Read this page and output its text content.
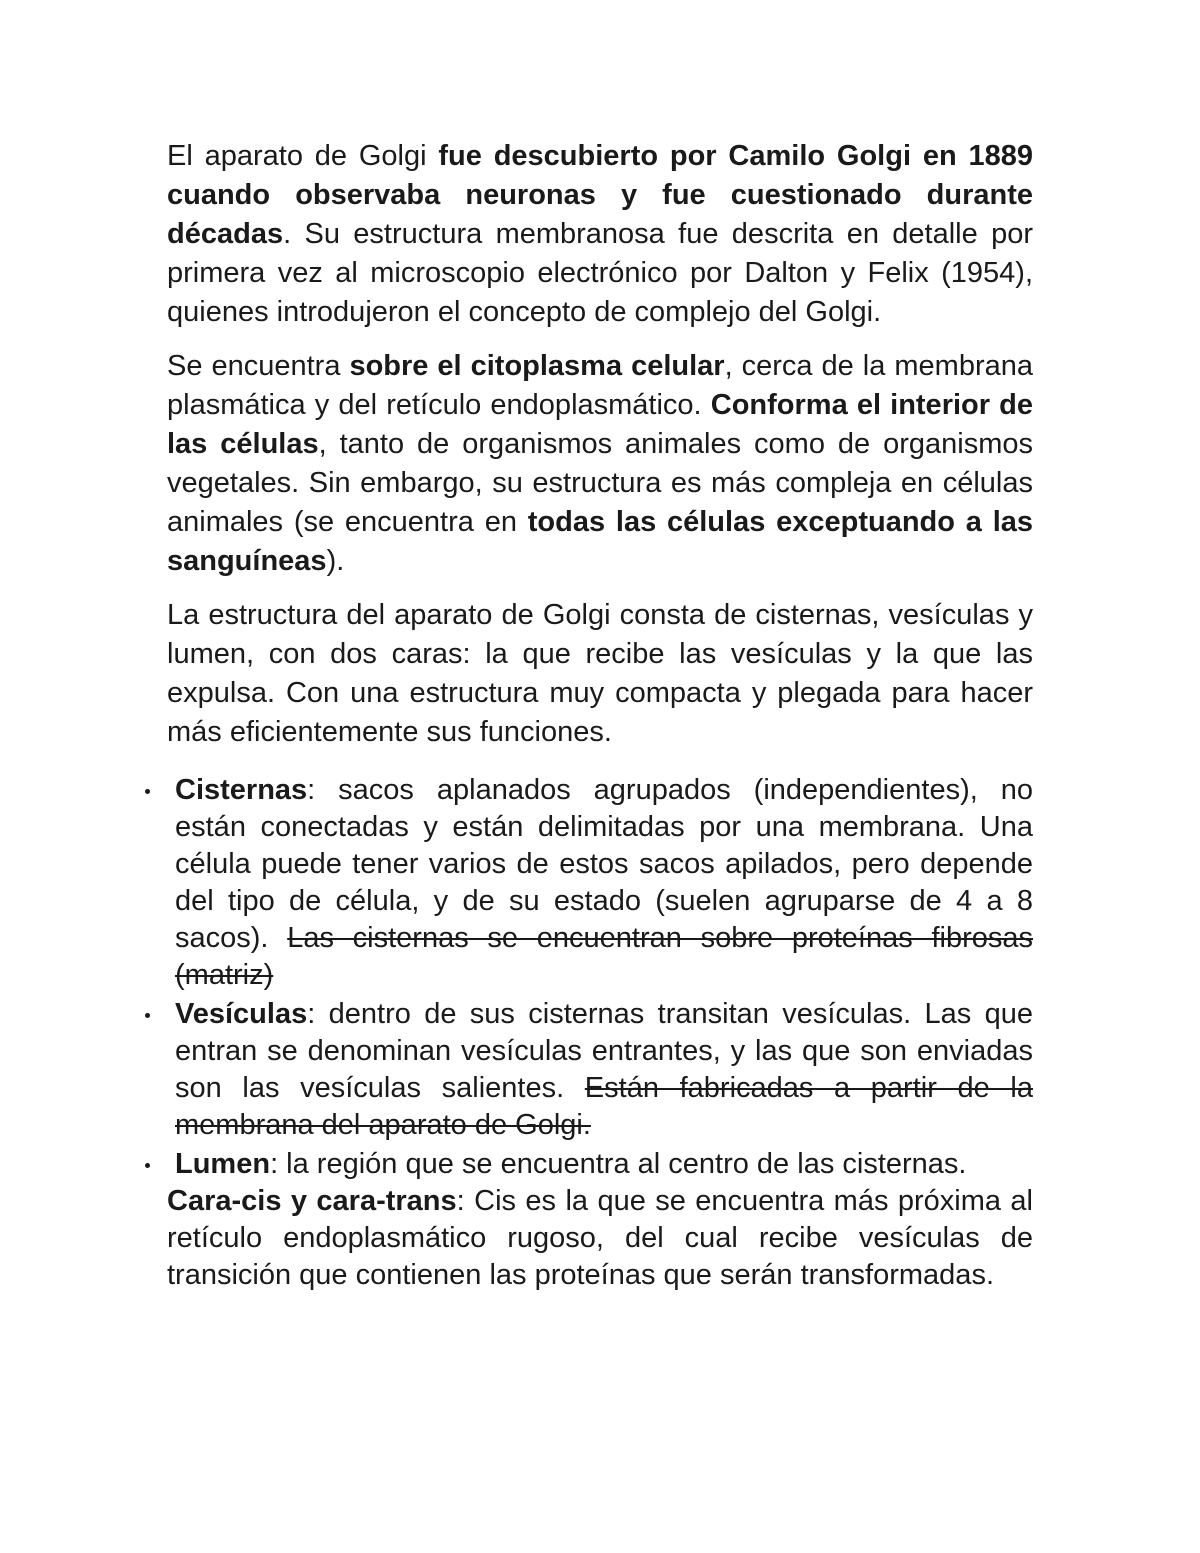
El aparato de Golgi fue descubierto por Camilo Golgi en 1889 cuando observaba neuronas y fue cuestionado durante décadas. Su estructura membranosa fue descrita en detalle por primera vez al microscopio electrónico por Dalton y Felix (1954), quienes introdujeron el concepto de complejo del Golgi.

Se encuentra sobre el citoplasma celular, cerca de la membrana plasmática y del retículo endoplasmático. Conforma el interior de las células, tanto de organismos animales como de organismos vegetales. Sin embargo, su estructura es más compleja en células animales (se encuentra en todas las células exceptuando a las sanguíneas).

La estructura del aparato de Golgi consta de cisternas, vesículas y lumen, con dos caras: la que recibe las vesículas y la que las expulsa. Con una estructura muy compacta y plegada para hacer más eficientemente sus funciones.

Cisternas: sacos aplanados agrupados (independientes), no están conectadas y están delimitadas por una membrana. Una célula puede tener varios de estos sacos apilados, pero depende del tipo de célula, y de su estado (suelen agruparse de 4 a 8 sacos). Las cisternas se encuentran sobre proteínas fibrosas (matriz)
Vesículas: dentro de sus cisternas transitan vesículas. Las que entran se denominan vesículas entrantes, y las que son enviadas son las vesículas salientes. Están fabricadas a partir de la membrana del aparato de Golgi.
Lumen: la región que se encuentra al centro de las cisternas.

Cara-cis y cara-trans: Cis es la que se encuentra más próxima al retículo endoplasmático rugoso, del cual recibe vesículas de transición que contienen las proteínas que serán transformadas.
